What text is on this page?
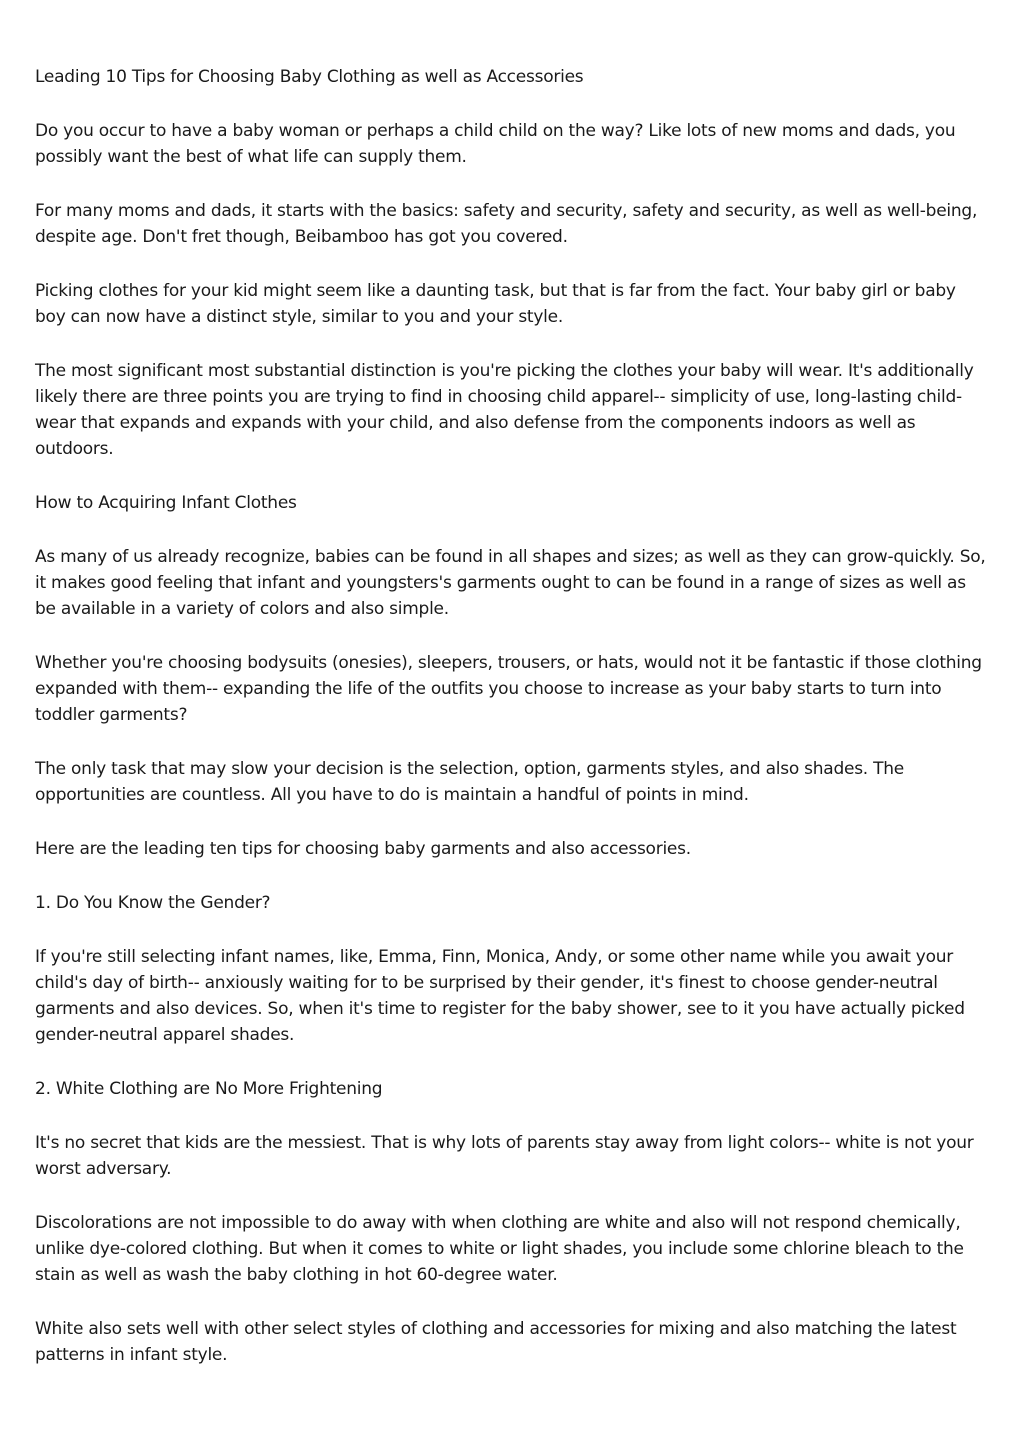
Leading 10 Tips for Choosing Baby Clothing as well as Accessories

Do you occur to have a baby woman or perhaps a child child on the way? Like lots of new moms and dads, you possibly want the best of what life can supply them.

For many moms and dads, it starts with the basics: safety and security, safety and security, as well as well-being, despite age. Don't fret though, Beibamboo has got you covered.

Picking clothes for your kid might seem like a daunting task, but that is far from the fact. Your baby girl or baby boy can now have a distinct style, similar to you and your style.

The most significant most substantial distinction is you're picking the clothes your baby will wear. It's additionally likely there are three points you are trying to find in choosing child apparel-- simplicity of use, long-lasting child-wear that expands and expands with your child, and also defense from the components indoors as well as outdoors.

How to Acquiring Infant Clothes

As many of us already recognize, babies can be found in all shapes and sizes; as well as they can grow-quickly. So, it makes good feeling that infant and youngsters's garments ought to can be found in a range of sizes as well as be available in a variety of colors and also simple.

Whether you're choosing bodysuits (onesies), sleepers, trousers, or hats, would not it be fantastic if those clothing expanded with them-- expanding the life of the outfits you choose to increase as your baby starts to turn into toddler garments?

The only task that may slow your decision is the selection, option, garments styles, and also shades. The opportunities are countless. All you have to do is maintain a handful of points in mind.

Here are the leading ten tips for choosing baby garments and also accessories.

1. Do You Know the Gender?

If you're still selecting infant names, like, Emma, Finn, Monica, Andy, or some other name while you await your child's day of birth-- anxiously waiting for to be surprised by their gender, it's finest to choose gender-neutral garments and also devices. So, when it's time to register for the baby shower, see to it you have actually picked gender-neutral apparel shades.

2. White Clothing are No More Frightening

It's no secret that kids are the messiest. That is why lots of parents stay away from light colors-- white is not your worst adversary.

Discolorations are not impossible to do away with when clothing are white and also will not respond chemically, unlike dye-colored clothing. But when it comes to white or light shades, you include some chlorine bleach to the stain as well as wash the baby clothing in hot 60-degree water.

White also sets well with other select styles of clothing and accessories for mixing and also matching the latest patterns in infant style.
